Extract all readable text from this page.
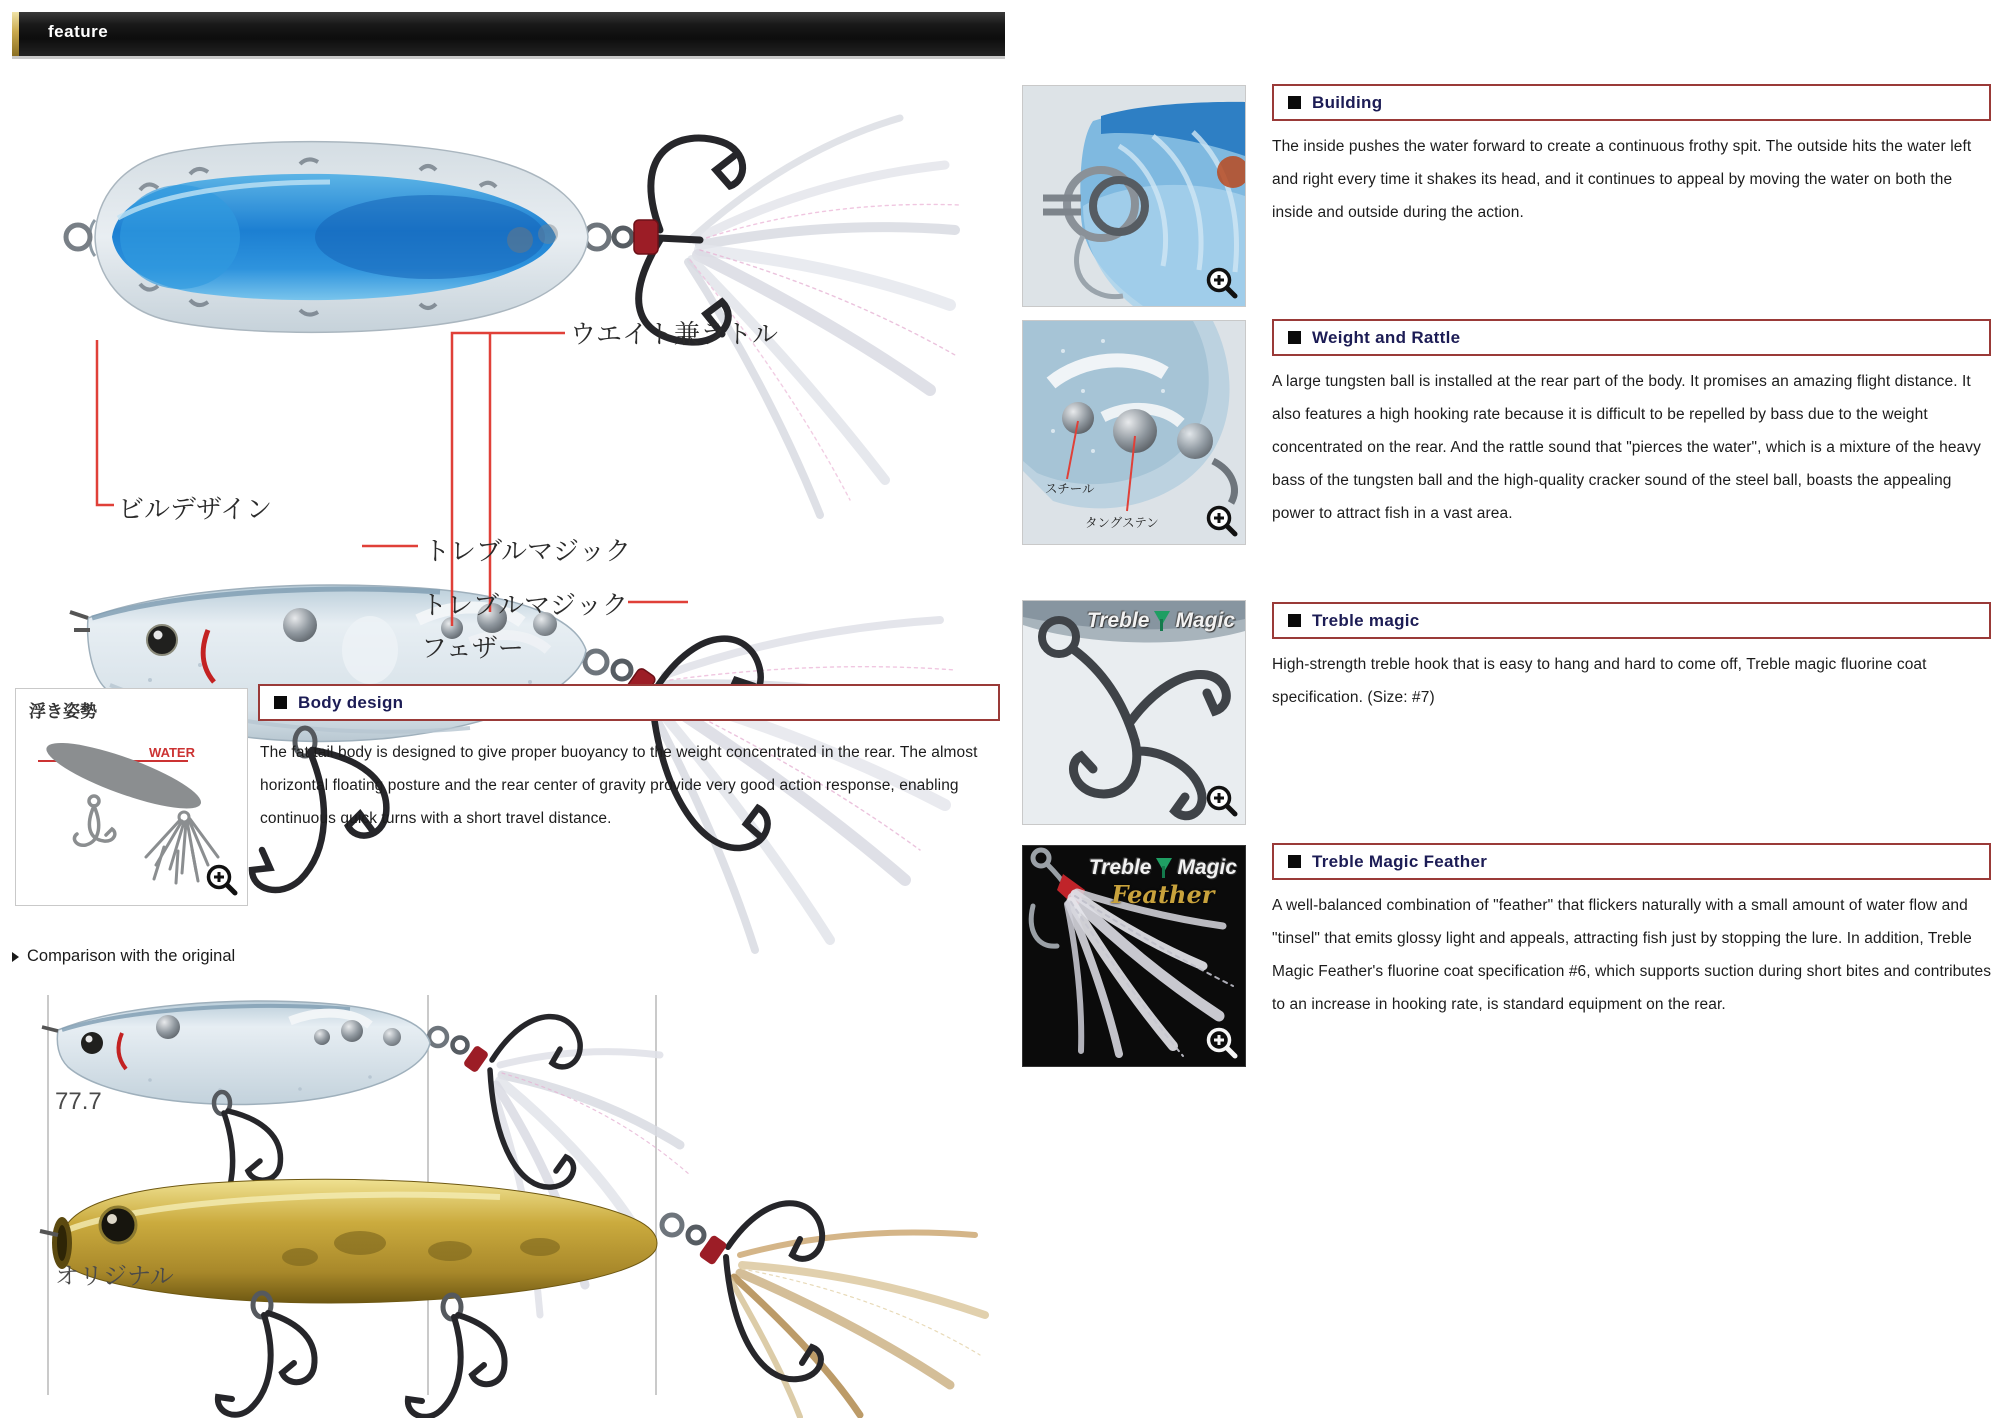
feature
ウエイト兼ラトル
ビルデザイン
トレブルマジック
トレブルマジック
フェザー
浮き姿勢
WATER
Body design
The fat tail body is designed to give proper buoyancy to the weight concentrated in the rear. The almost horizontal floating posture and the rear center of gravity provide very good action response, enabling continuous quick turns with a short travel distance.
Comparison with the original
77.7
オリジナル
Building
The inside pushes the water forward to create a continuous frothy spit. The outside hits the water left and right every time it shakes its head, and it continues to appeal by moving the water on both the inside and outside during the action.
スチール
タングステン
Weight and Rattle
A large tungsten ball is installed at the rear part of the body. It promises an amazing flight distance. It also features a high hooking rate because it is difficult to be repelled by bass due to the weight concentrated on the rear. And the rattle sound that "pierces the water", which is a mixture of the heavy bass of the tungsten ball and the high-quality cracker sound of the steel ball, boasts the appealing power to attract fish in a vast area.
Treble Magic	Treble magic
High-strength treble hook that is easy to hang and hard to come off, Treble magic fluorine coat specification. (Size: #7)
Treble Magic
Feather
Treble Magic Feather
A well-balanced combination of "feather" that flickers naturally with a small amount of water flow and "tinsel" that emits glossy light and appeals, attracting fish just by stopping the lure. In addition, Treble Magic Feather's fluorine coat specification #6, which supports suction during short bites and contributes to an increase in hooking rate, is standard equipment on the rear.
